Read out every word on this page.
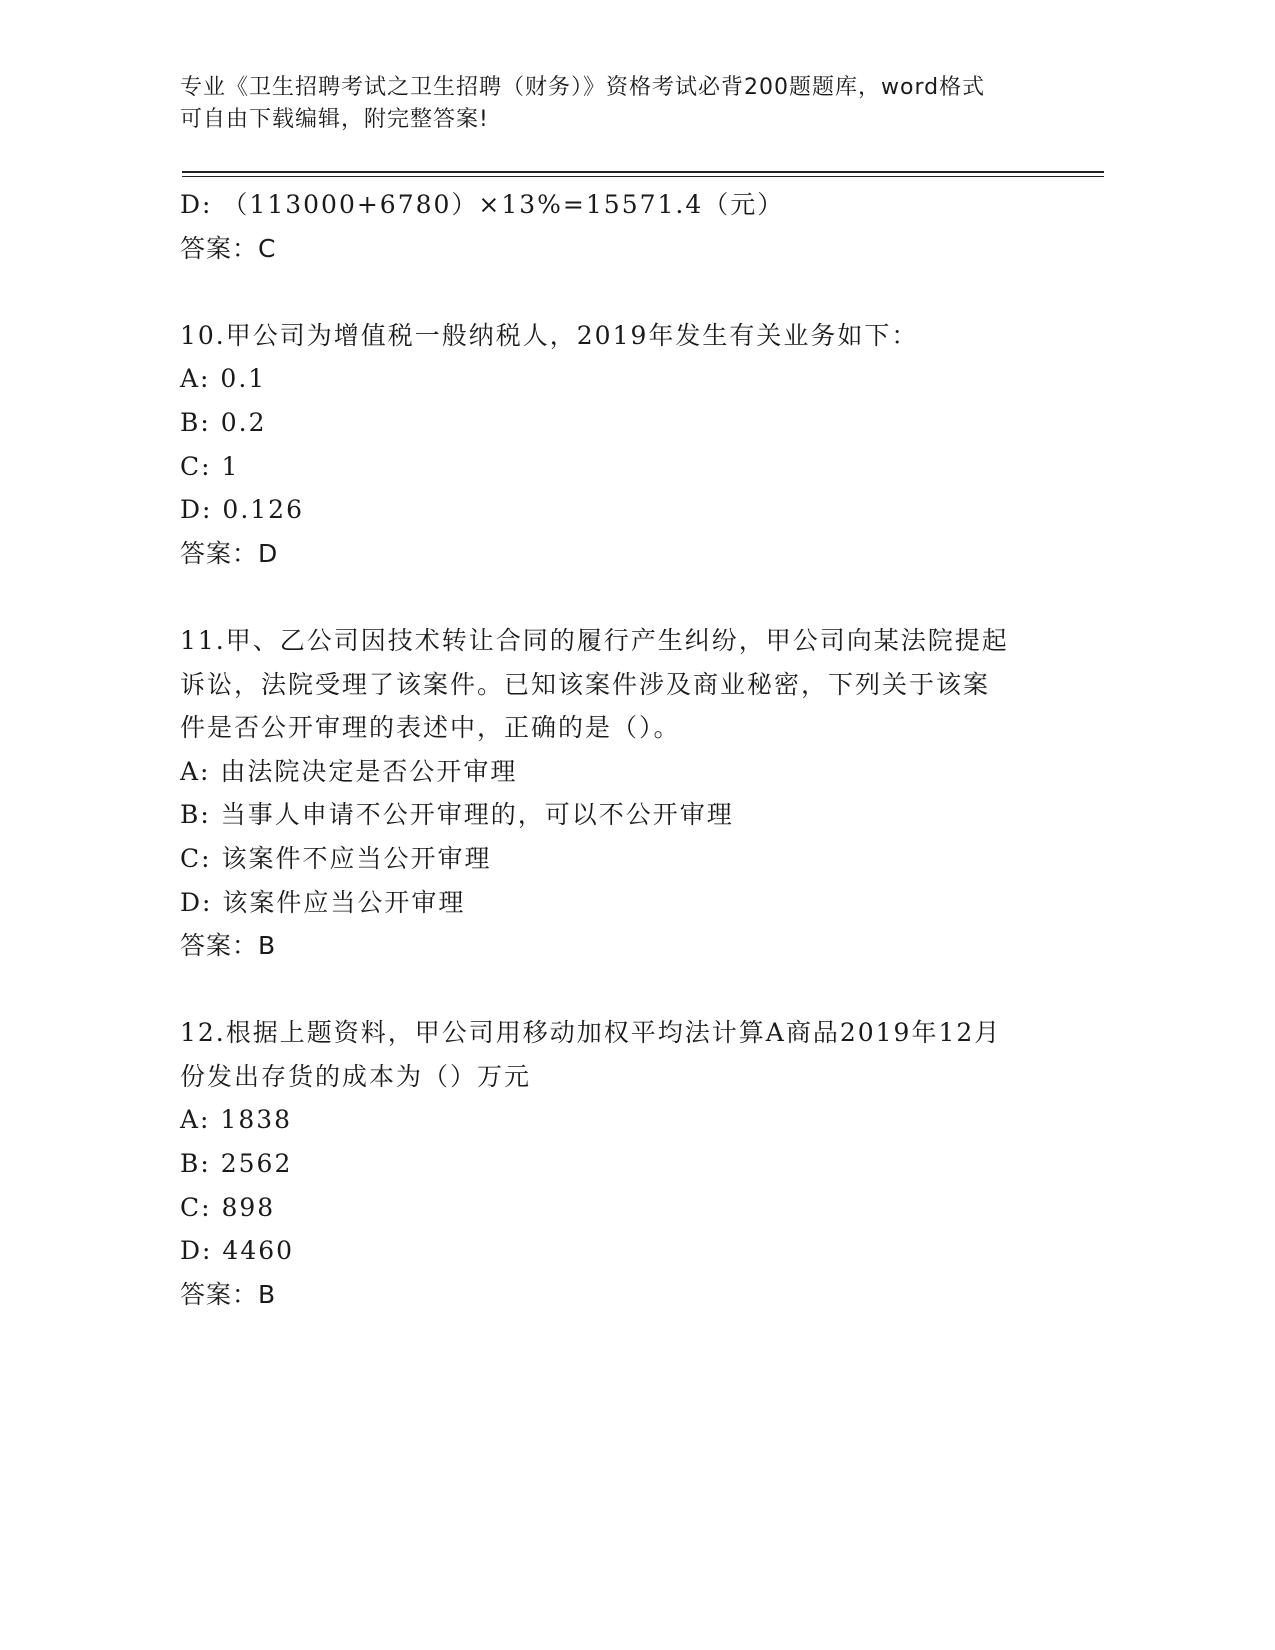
专业《卫生招聘考试之卫生招聘（财务）》资格考试必背200题题库，word格式
可自由下载编辑，附完整答案!
D: （113000+6780）×13%=15571.4（元）
答案：C
10.甲公司为增值税一般纳税人，2019年发生有关业务如下：
A: 0.1
B: 0.2
C: 1
D: 0.126
答案：D
11.甲、乙公司因技术转让合同的履行产生纠纷，甲公司向某法院提起
诉讼，法院受理了该案件。已知该案件涉及商业秘密，下列关于该案
件是否公开审理的表述中，正确的是（）。
A: 由法院决定是否公开审理
B: 当事人申请不公开审理的，可以不公开审理
C: 该案件不应当公开审理
D: 该案件应当公开审理
答案：B
12.根据上题资料，甲公司用移动加权平均法计算A商品2019年12月
份发出存货的成本为（）万元
A: 1838
B: 2562
C: 898
D: 4460
答案：B
